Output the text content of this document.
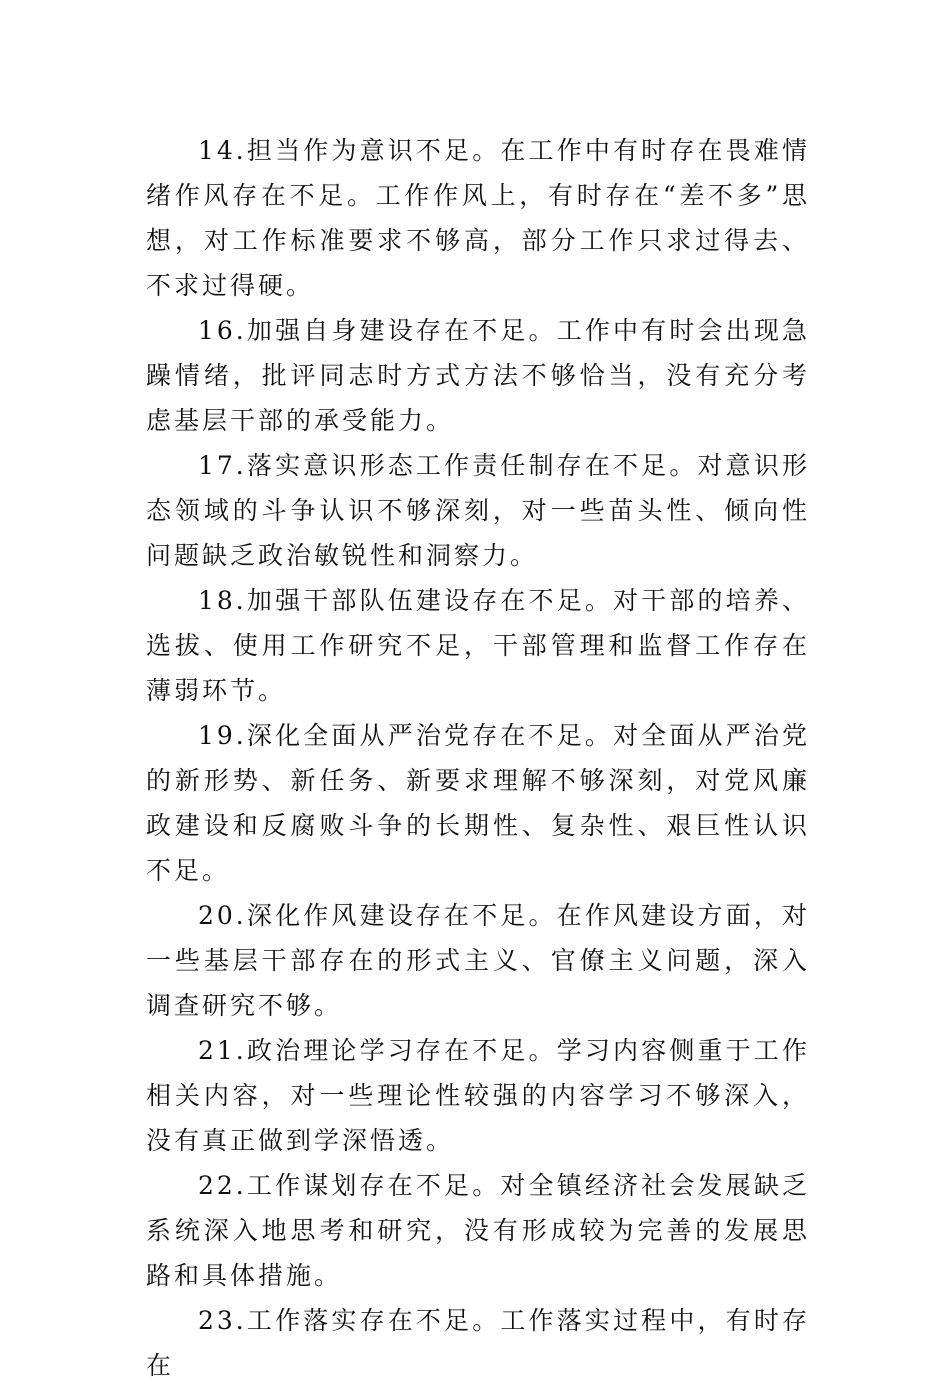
14.担当作为意识不足。在工作中有时存在畏难情绪作风存在不足。工作作风上，有时存在“差不多”思想，对工作标准要求不够高，部分工作只求过得去、不求过得硬。

16.加强自身建设存在不足。工作中有时会出现急躁情绪，批评同志时方式方法不够恰当，没有充分考虑基层干部的承受能力。

17.落实意识形态工作责任制存在不足。对意识形态领域的斗争认识不够深刻，对一些苗头性、倾向性问题缺乏政治敏锐性和洞察力。

18.加强干部队伍建设存在不足。对干部的培养、选拔、使用工作研究不足，干部管理和监督工作存在薄弱环节。

19.深化全面从严治党存在不足。对全面从严治党的新形势、新任务、新要求理解不够深刻，对党风廉政建设和反腐败斗争的长期性、复杂性、艰巨性认识不足。

20.深化作风建设存在不足。在作风建设方面，对一些基层干部存在的形式主义、官僚主义问题，深入调查研究不够。

21.政治理论学习存在不足。学习内容侧重于工作相关内容，对一些理论性较强的内容学习不够深入，没有真正做到学深悟透。

22.工作谋划存在不足。对全镇经济社会发展缺乏系统深入地思考和研究，没有形成较为完善的发展思路和具体措施。

23.工作落实存在不足。工作落实过程中，有时存在
